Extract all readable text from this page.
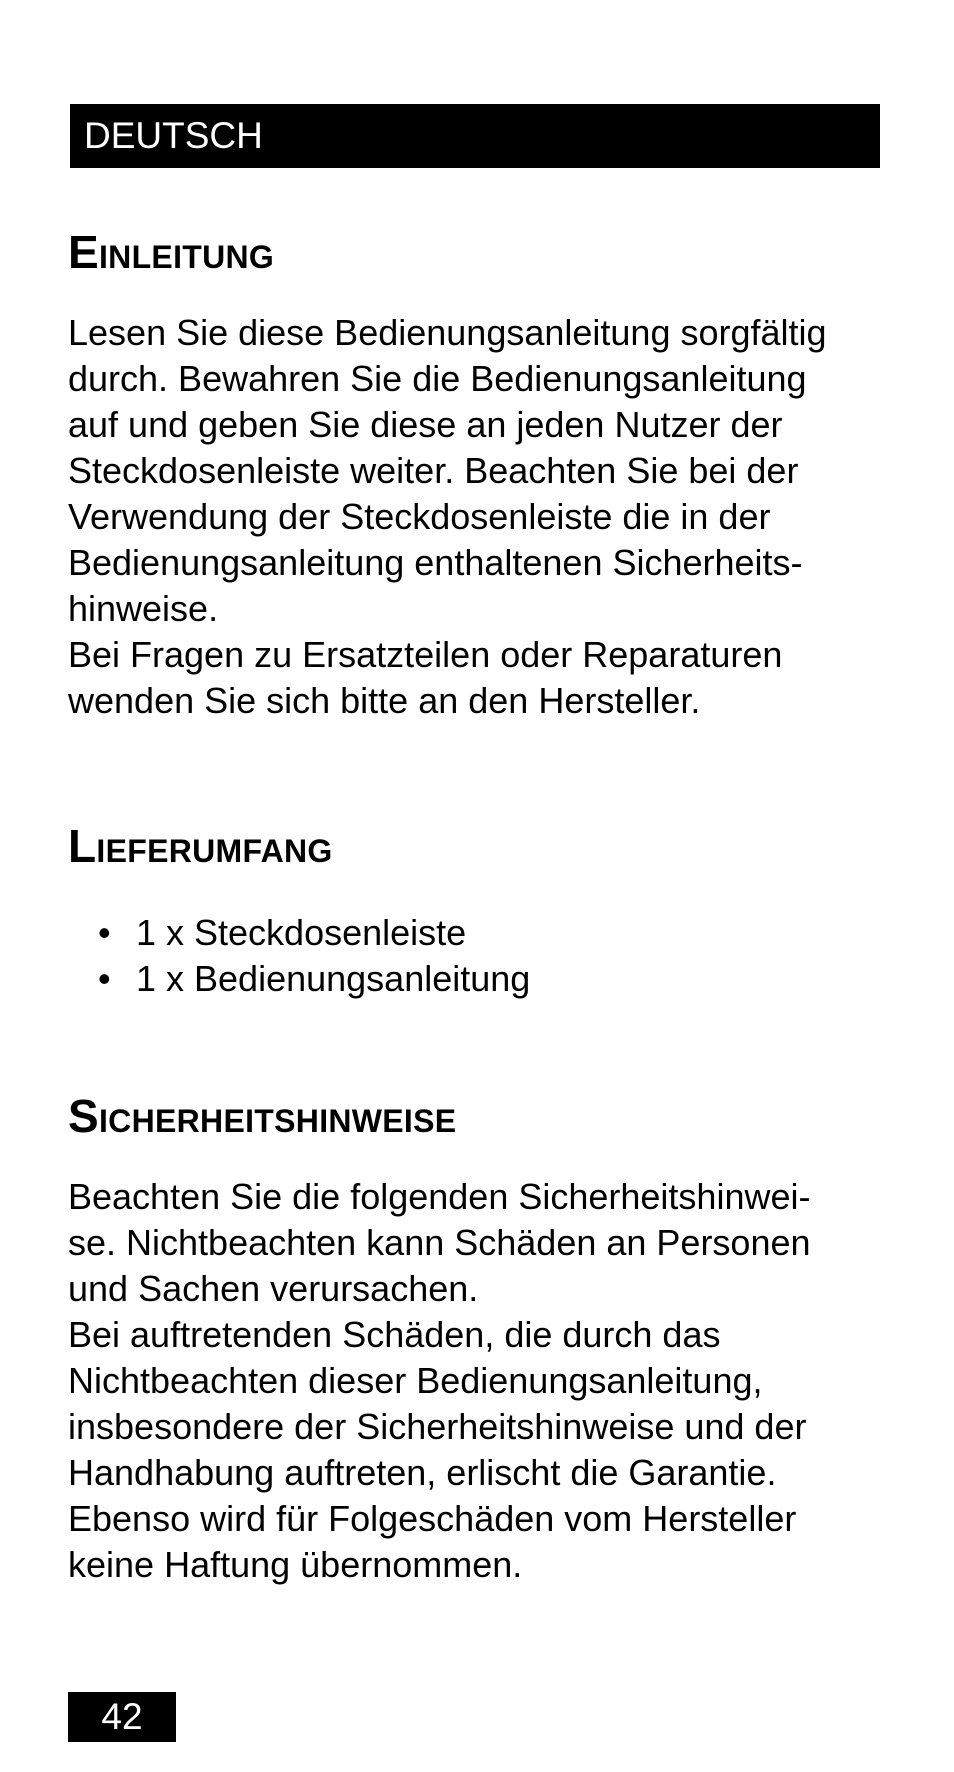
DEUTSCH
Einleitung

Lesen Sie diese Bedienungsanleitung sorgfältig
durch. Bewahren Sie die Bedienungsanleitung
auf und geben Sie diese an jeden Nutzer der
Steckdosenleiste weiter. Beachten Sie bei der
Verwendung der Steckdosenleiste die in der
Bedienungsanleitung enthaltenen Sicherheits-
hinweise.

Bei Fragen zu Ersatzteilen oder Reparaturen
wenden Sie sich bitte an den Hersteller.

Lieferumfang
• 1 x Steckdosenleiste
• 1 x Bedienungsanleitung
Sicherheitshinweise

Beachten Sie die folgenden Sicherheitshinwei-
se. Nichtbeachten kann Schäden an Personen
und Sachen verursachen.

Bei auftretenden Schäden, die durch das
Nichtbeachten dieser Bedienungsanleitung,
insbesondere der Sicherheitshinweise und der
Handhabung auftreten, erlischt die Garantie.
Ebenso wird für Folgeschäden vom Hersteller
keine Haftung übernommen.

42
